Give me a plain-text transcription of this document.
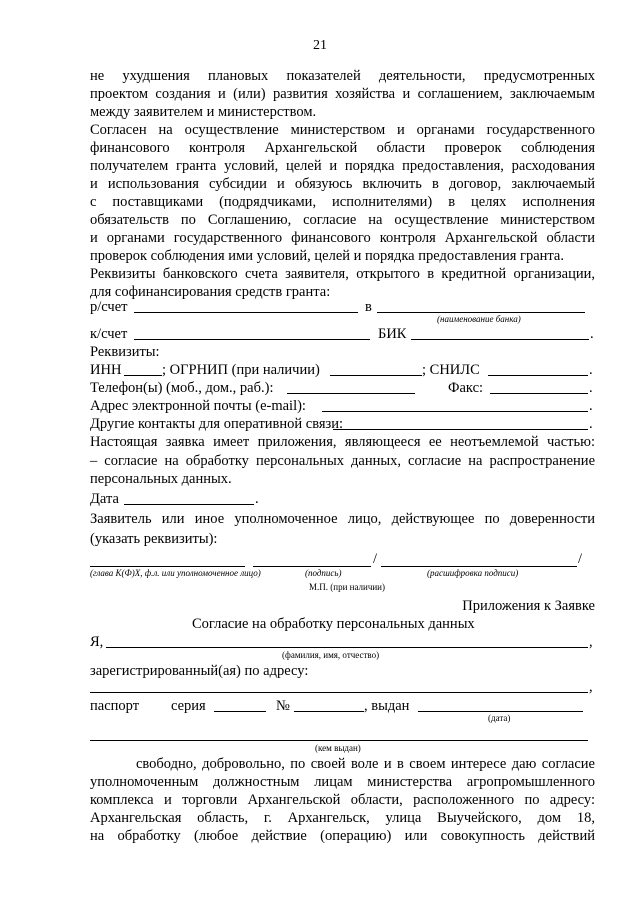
21
не ухудшения плановых показателей деятельности, предусмотренных
проектом создания и (или) развития хозяйства и соглашением, заключаемым
между заявителем и министерством.
Согласен на осуществление министерством и органами государственного
финансового контроля Архангельской области проверок соблюдения
получателем гранта условий, целей и порядка предоставления, расходования
и использования субсидии и обязуюсь включить в договор, заключаемый
с поставщиками (подрядчиками, исполнителями) в целях исполнения
обязательств по Соглашению, согласие на осуществление министерством
и органами государственного финансового контроля Архангельской области
проверок соблюдения ими условий, целей и порядка предоставления гранта.
Реквизиты банковского счета заявителя, открытого в кредитной организации,
для софинансирования средств гранта:
р/счет	в
(наименование банка)
к/счет	БИК	.
Реквизиты:
ИНН	; ОГРНИП (при наличии)	; СНИЛС	.
Телефон(ы) (моб., дом., раб.):	Факс:	.
Адрес электронной почты (e-mail):	.
Другие контакты для оперативной связи:	.
Настоящая заявка имеет приложения, являющееся ее неотъемлемой частью:
– согласие на обработку персональных данных, согласие на распространение
персональных данных.
Дата	.
Заявитель или иное уполномоченное лицо, действующее по доверенности
(указать реквизиты):
/	/
(глава К(Ф)Х, ф.л. или уполномоченное лицо)	(подпись)	(расшифровка подписи)
М.П. (при наличии)
Приложения к Заявке
Согласие на обработку персональных данных
Я,	,
(фамилия, имя, отчество)
зарегистрированный(ая) по адресу:
,
паспорт серия	№	, выдан
(дата)
(кем выдан)
свободно, добровольно, по своей воле и в своем интересе даю согласие
уполномоченным должностным лицам министерства агропромышленного
комплекса и торговли Архангельской области, расположенного по адресу:
Архангельская область, г. Архангельск, улица Выучейского, дом 18,
на обработку (любое действие (операцию) или совокупность действий
